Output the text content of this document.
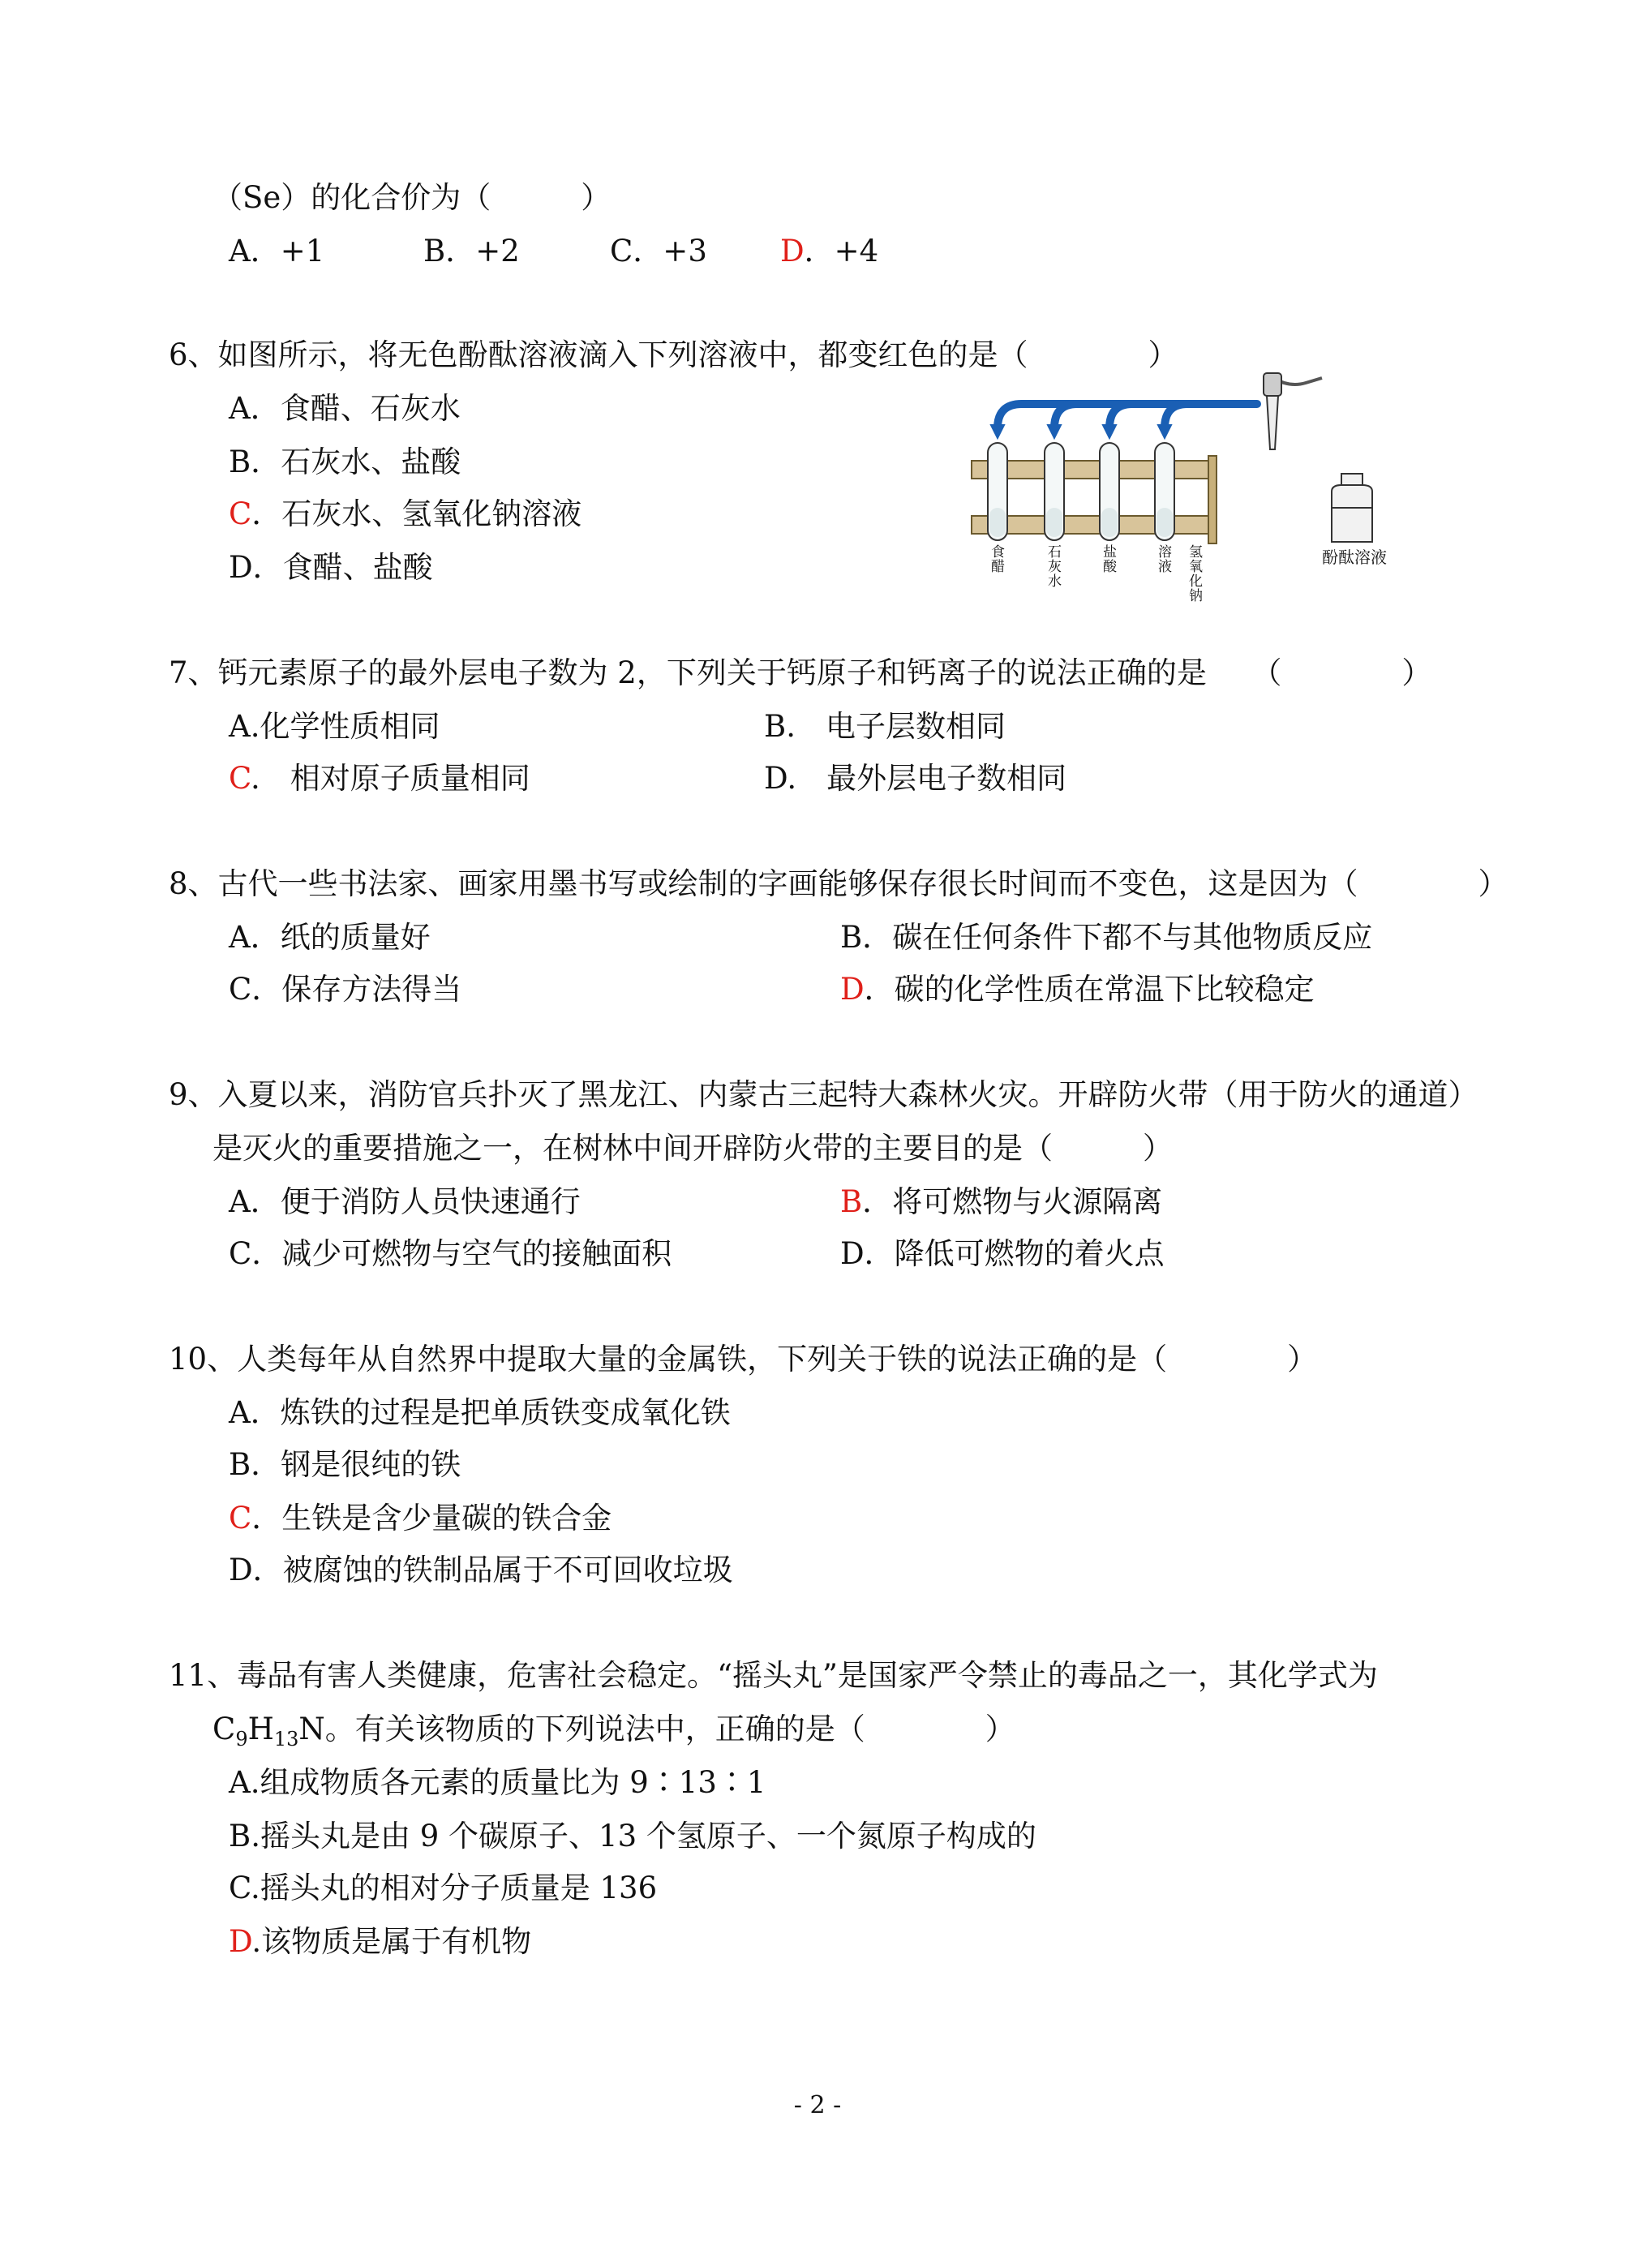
（Se）的化合价为（　　　）
A．+1	B．+2	C．+3 D．+4
6、如图所示，将无色酚酞溶液滴入下列溶液中，都变红色的是（　　　　）
A．食醋、石灰水
B．石灰水、盐酸
C．石灰水、氢氧化钠溶液
D．食醋、盐酸	食醋
石灰水
盐酸
溶液
氢氧化钠
酚酞溶液
7、钙元素原子的最外层电子数为 2，下列关于钙原子和钙离子的说法正确的是　　（　　　　）
A.化学性质相同	B.　电子层数相同
C.　相对原子质量相同	D.　最外层电子数相同
8、古代一些书法家、画家用墨书写或绘制的字画能够保存很长时间而不变色，这是因为（　　　　）
A．纸的质量好	B．碳在任何条件下都不与其他物质反应
C．保存方法得当	D．碳的化学性质在常温下比较稳定
9、入夏以来，消防官兵扑灭了黑龙江、内蒙古三起特大森林火灾。开辟防火带（用于防火的通道）
是灭火的重要措施之一，在树林中间开辟防火带的主要目的是（　　　）
A．便于消防人员快速通行	B．将可燃物与火源隔离
C．减少可燃物与空气的接触面积	D．降低可燃物的着火点
10、人类每年从自然界中提取大量的金属铁，下列关于铁的说法正确的是（　　　　）
A．炼铁的过程是把单质铁变成氧化铁
B．钢是很纯的铁
C．生铁是含少量碳的铁合金
D．被腐蚀的铁制品属于不可回收垃圾
11、毒品有害人类健康，危害社会稳定。“摇头丸”是国家严令禁止的毒品之一，其化学式为
$C_9H_{13}N$。有关该物质的下列说法中，正确的是（　　　　）
A.组成物质各元素的质量比为 9∶13∶1
B.摇头丸是由 9 个碳原子、13 个氢原子、一个氮原子构成的
C.摇头丸的相对分子质量是 136
D.该物质是属于有机物
- 2 -
